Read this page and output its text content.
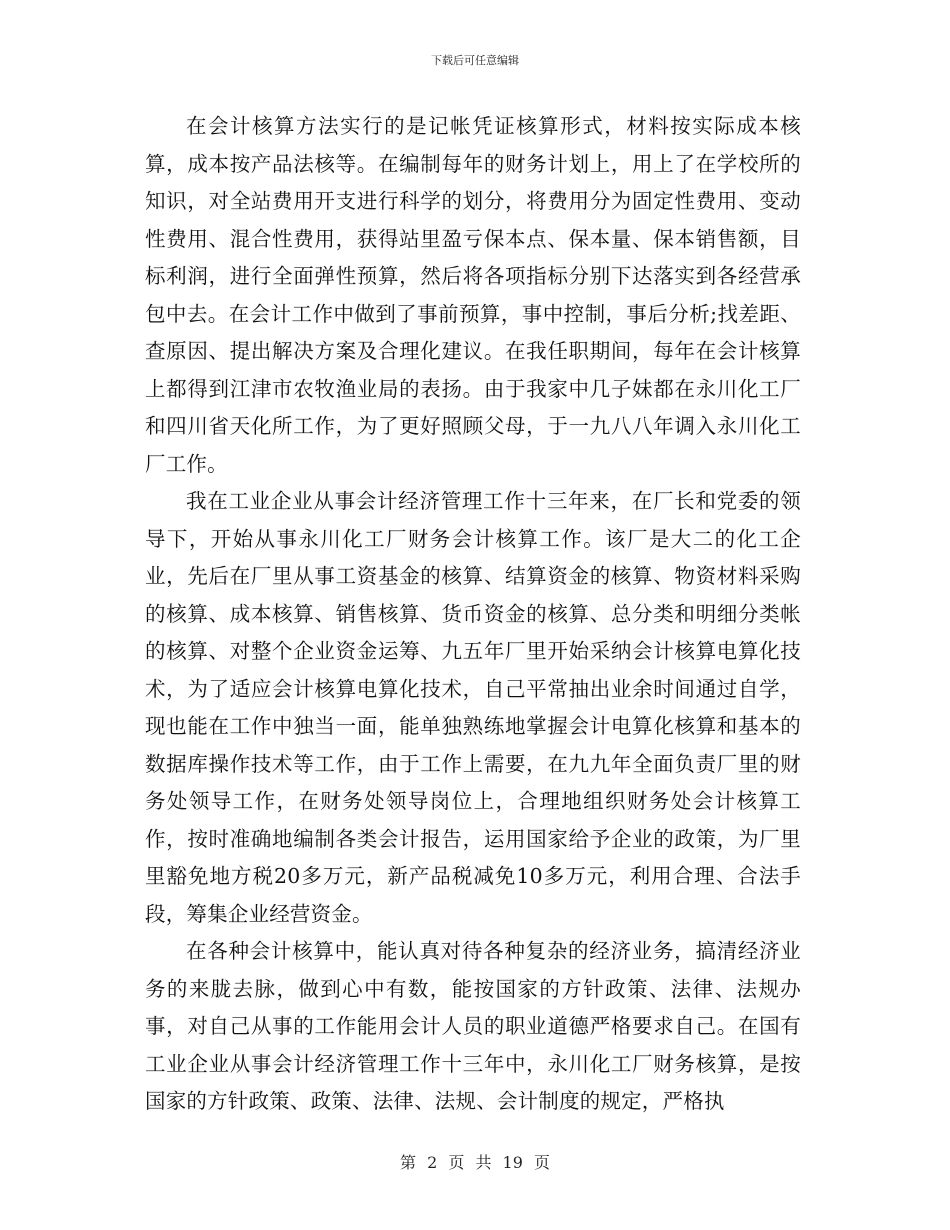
下载后可任意编辑

在会计核算方法实行的是记帐凭证核算形式，材料按实际成本核算，成本按产品法核等。在编制每年的财务计划上，用上了在学校所的知识，对全站费用开支进行科学的划分，将费用分为固定性费用、变动性费用、混合性费用，获得站里盈亏保本点、保本量、保本销售额，目标利润，进行全面弹性预算，然后将各项指标分别下达落实到各经营承包中去。在会计工作中做到了事前预算，事中控制，事后分析;找差距、查原因、提出解决方案及合理化建议。在我任职期间，每年在会计核算上都得到江津市农牧渔业局的表扬。由于我家中几子妹都在永川化工厂和四川省天化所工作，为了更好照顾父母，于一九八八年调入永川化工厂工作。

我在工业企业从事会计经济管理工作十三年来，在厂长和党委的领导下，开始从事永川化工厂财务会计核算工作。该厂是大二的化工企业，先后在厂里从事工资基金的核算、结算资金的核算、物资材料采购的核算、成本核算、销售核算、货币资金的核算、总分类和明细分类帐的核算、对整个企业资金运筹、九五年厂里开始采纳会计核算电算化技术，为了适应会计核算电算化技术，自己平常抽出业余时间通过自学，现也能在工作中独当一面，能单独熟练地掌握会计电算化核算和基本的数据库操作技术等工作，由于工作上需要，在九九年全面负责厂里的财务处领导工作，在财务处领导岗位上，合理地组织财务处会计核算工作，按时准确地编制各类会计报告，运用国家给予企业的政策，为厂里里豁免地方税20多万元，新产品税减免10多万元，利用合理、合法手段，筹集企业经营资金。

在各种会计核算中，能认真对待各种复杂的经济业务，搞清经济业务的来胧去脉，做到心中有数，能按国家的方针政策、法律、法规办事，对自己从事的工作能用会计人员的职业道德严格要求自己。在国有工业企业从事会计经济管理工作十三年中，永川化工厂财务核算，是按国家的方针政策、政策、法律、法规、会计制度的规定，严格执

第 2 页 共 19 页
